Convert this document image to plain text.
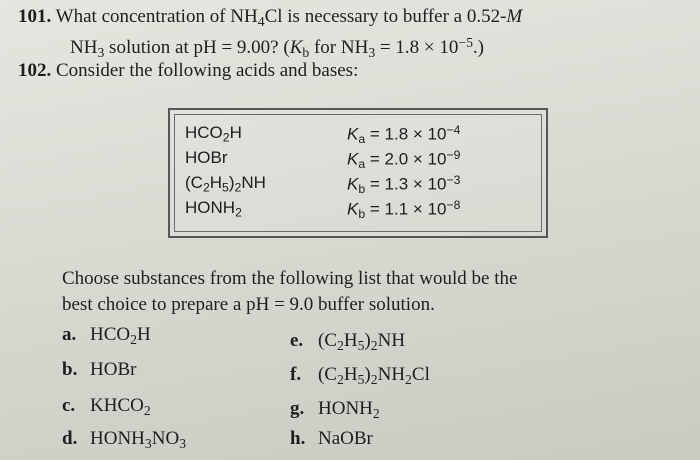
101. What concentration of $NH_4Cl$ is necessary to buffer a 0.52-M
$NH_3$ solution at pH = 9.00? ($K_b$ for $NH_3 = 1.8 \times 10^{-5}$.)
102. Consider the following acids and bases:
$HCO_2H$	$K_a = 1.8 \times 10^{-4}$
HOBr	$K_a = 2.0 \times 10^{-9}$
$(C_2H_5)_2NH$	$K_b = 1.3 \times 10^{-3}$
$HONH_2$	$K_b = 1.1 \times 10^{-8}$
Choose substances from the following list that would be the
best choice to prepare a pH = 9.0 buffer solution.
a. $HCO_2H$
b. HOBr
c. $KHCO_2$
d. $HONH_3NO_3$
e. $(C_2H_5)_2NH$
f. $(C_2H_5)_2NH_2Cl$
g. $HONH_2$
h. NaOBr
